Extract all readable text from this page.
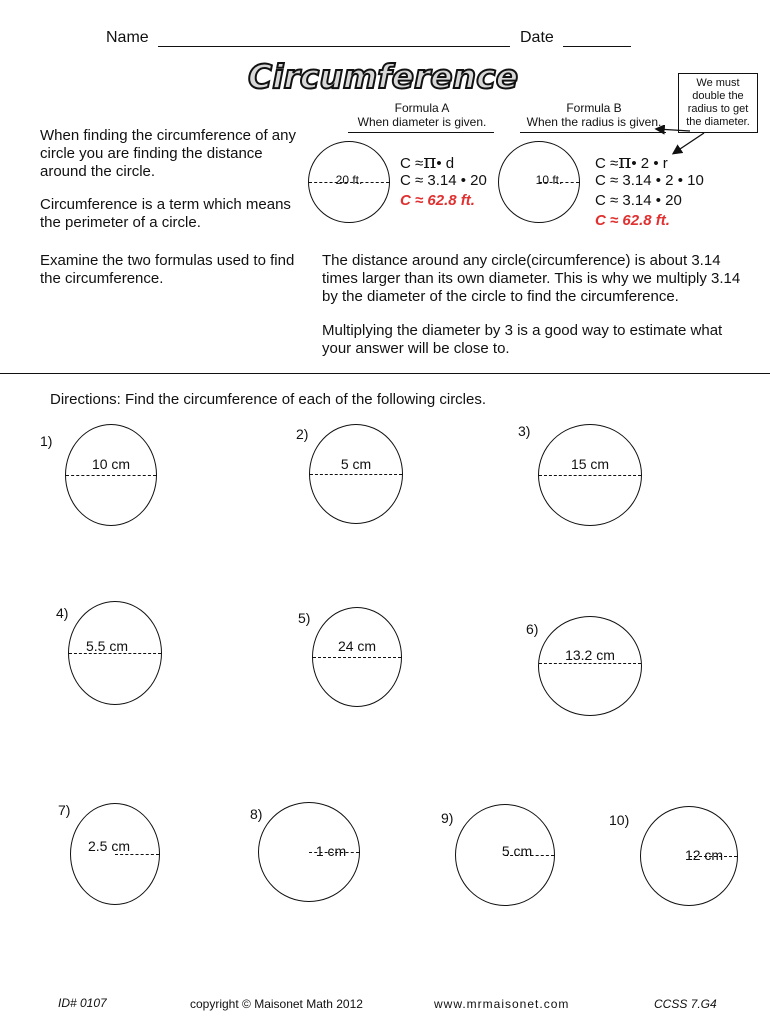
Name	Date
Circumference	We must double the radius to get the diameter.
Formula A
When diameter is given.
Formula B
When the radius is given.
When finding the circumference of any circle you are finding the distance around the circle.
Circumference is a term which means the perimeter of a circle.
Examine the two formulas used to find the circumference.
20 ft.
C ≈π• d
C ≈ 3.14 • 20
C ≈ 62.8 ft.
10 ft.
C ≈π• 2 • r
C ≈ 3.14 • 2 • 10
C ≈ 3.14 • 20
C ≈ 62.8 ft.
The distance around any circle(circumference) is about 3.14 times larger than its own diameter. This is why we multiply 3.14 by the diameter of the circle to find the circumference.
Multiplying the diameter by 3 is a good way to estimate what your answer will be close to.
Directions: Find the circumference of each of the following circles.
1)
10 cm
2)
5 cm
3)
15 cm
4)
5.5 cm
5)
24 cm
6)
13.2 cm
7)
2.5 cm
8)
1 cm
9)
5 cm
10)
12 cm
ID# 0107	copyright © Maisonet Math 2012	www.mrmaisonet.com	CCSS 7.G4
